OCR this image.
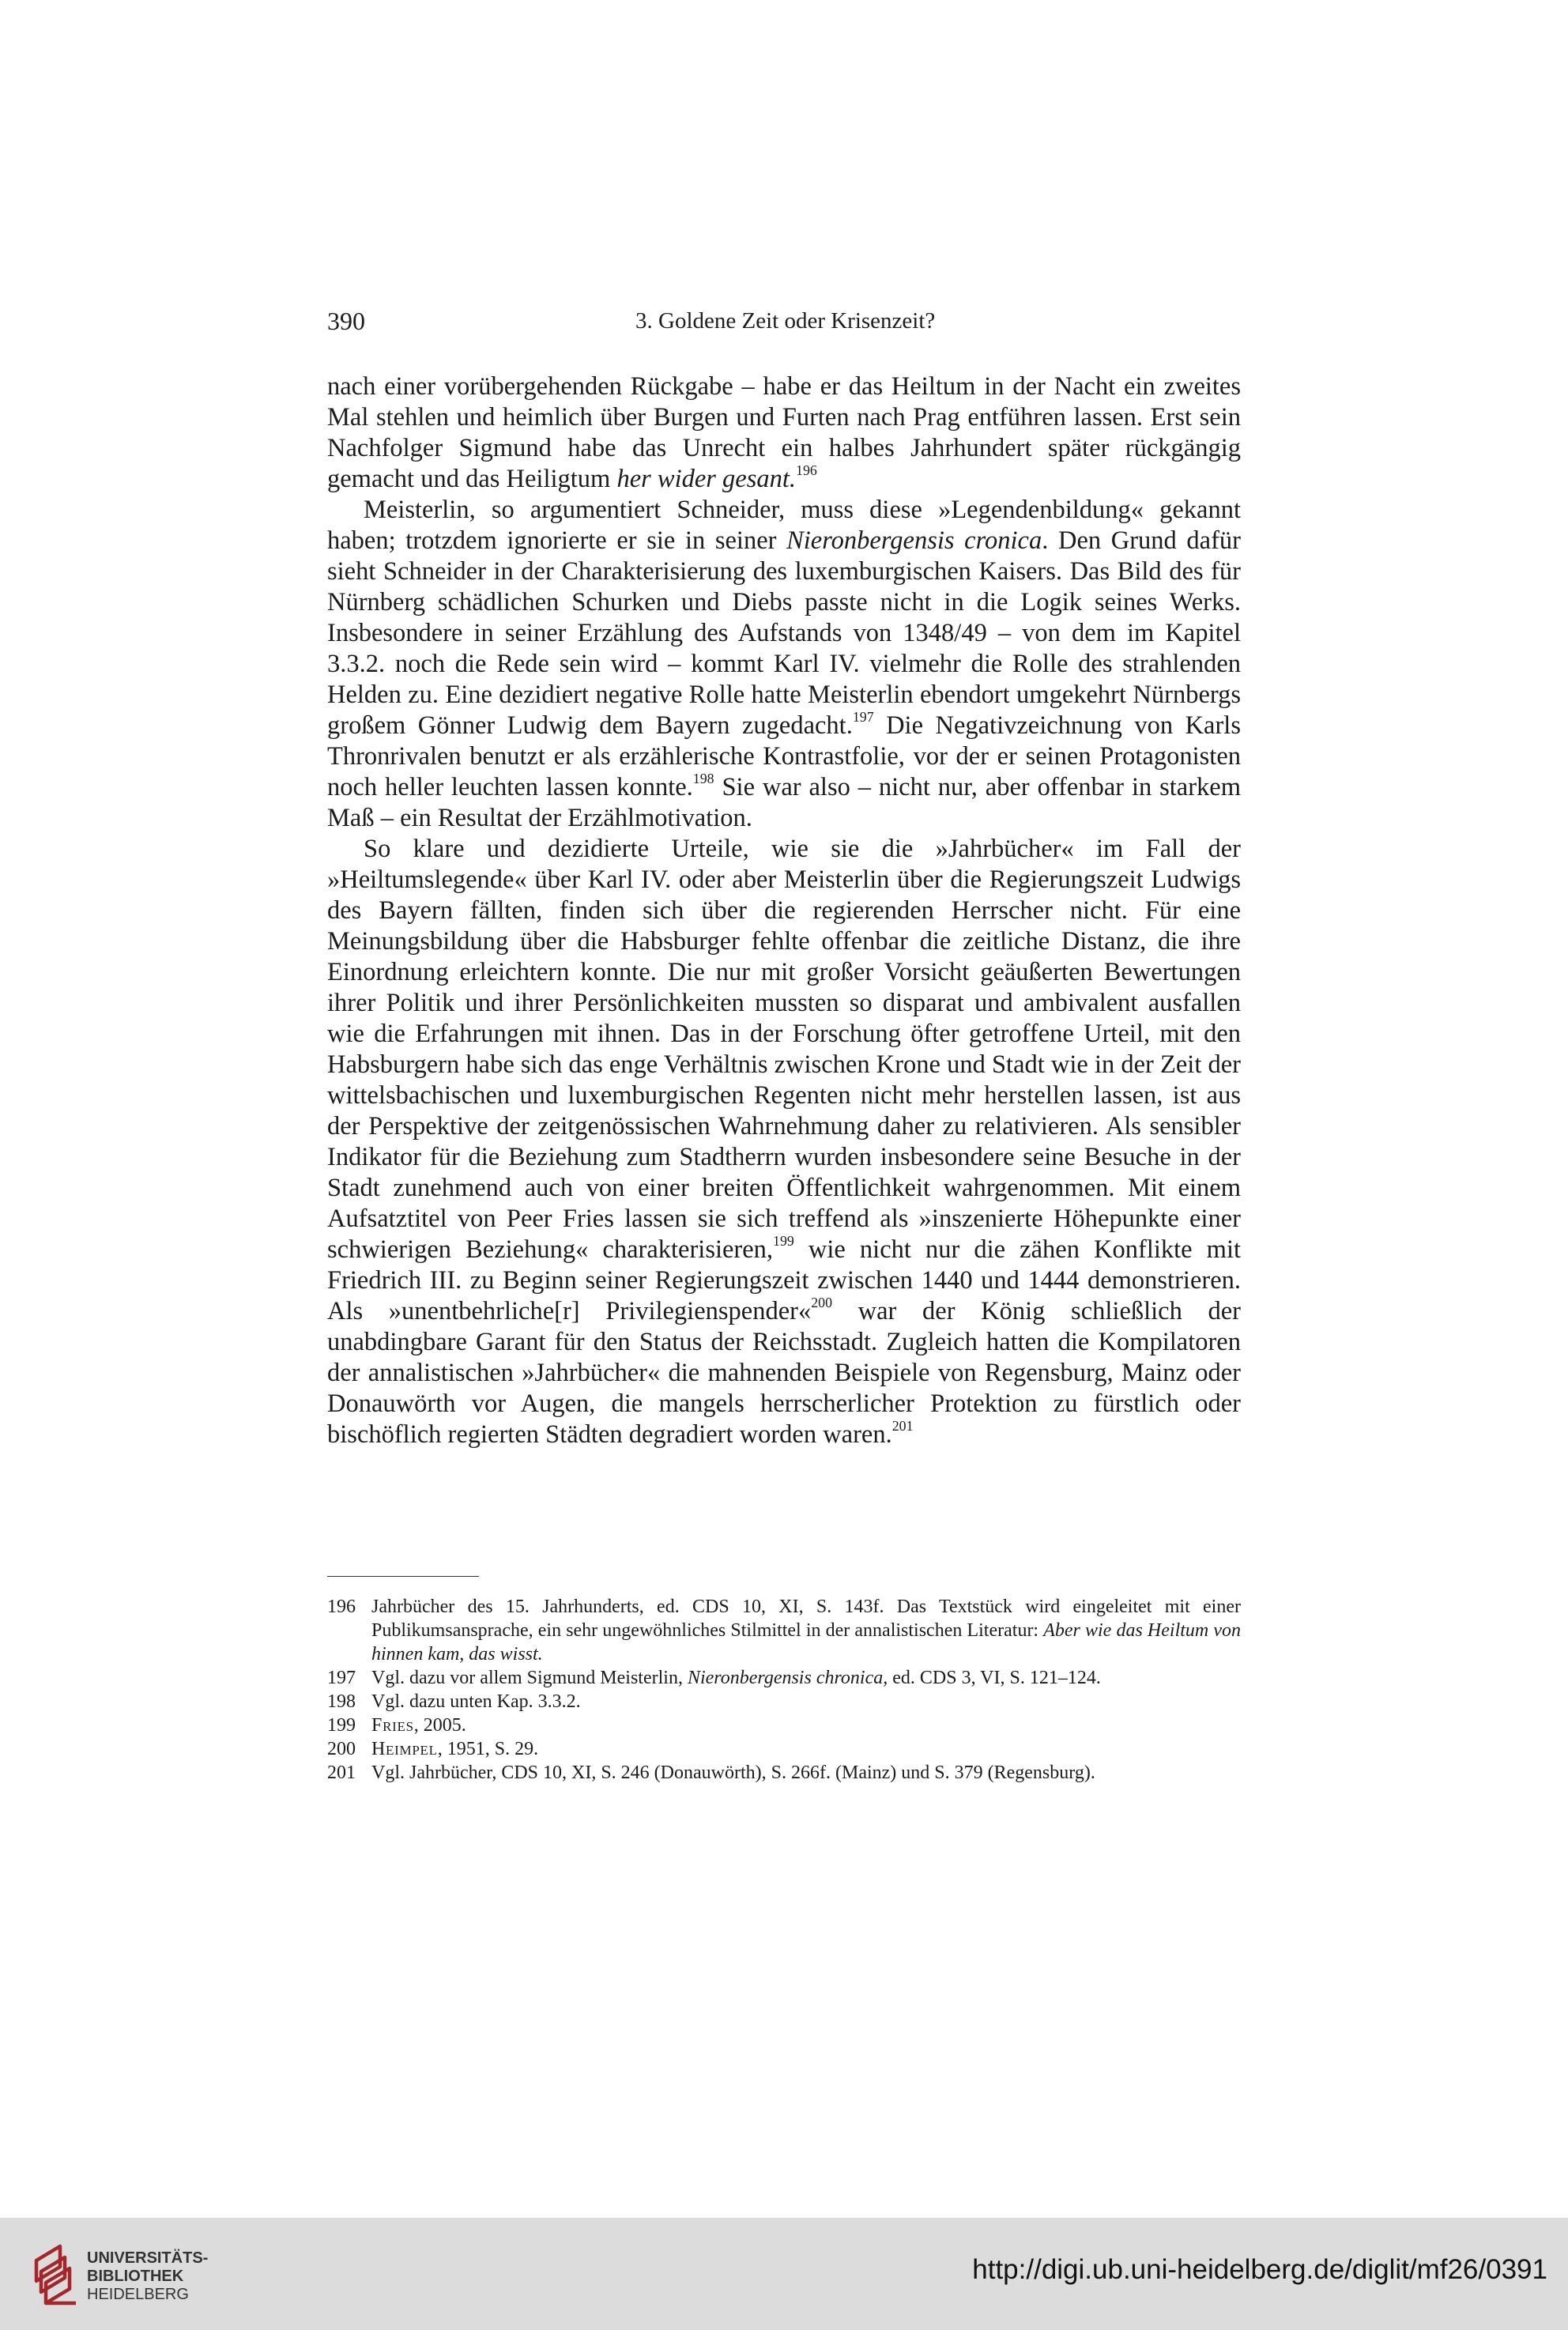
390	3. Goldene Zeit oder Krisenzeit?

nach einer vorübergehenden Rückgabe – habe er das Heiltum in der Nacht ein zweites Mal stehlen und heimlich über Burgen und Furten nach Prag entführen lassen. Erst sein Nachfolger Sigmund habe das Unrecht ein halbes Jahrhundert später rückgängig gemacht und das Heiligtum her wider gesant.$^{196}$

Meisterlin, so argumentiert Schneider, muss diese »Legendenbildung« gekannt haben; trotzdem ignorierte er sie in seiner Nieronbergensis cronica. Den Grund dafür sieht Schneider in der Charakterisierung des luxemburgischen Kaisers. Das Bild des für Nürnberg schädlichen Schurken und Diebs passte nicht in die Logik seines Werks. Insbesondere in seiner Erzählung des Aufstands von 1348/49 – von dem im Kapitel 3.3.2. noch die Rede sein wird – kommt Karl IV. vielmehr die Rolle des strahlenden Helden zu. Eine dezidiert negative Rolle hatte Meisterlin ebendort umgekehrt Nürnbergs großem Gönner Ludwig dem Bayern zugedacht.$^{197}$ Die Negativzeichnung von Karls Thronrivalen benutzt er als erzählerische Kontrastfolie, vor der er seinen Protagonisten noch heller leuchten lassen konnte.$^{198}$ Sie war also – nicht nur, aber offenbar in starkem Maß – ein Resultat der Erzählmotivation.

So klare und dezidierte Urteile, wie sie die »Jahrbücher« im Fall der »Heiltumslegende« über Karl IV. oder aber Meisterlin über die Regierungszeit Ludwigs des Bayern fällten, finden sich über die regierenden Herrscher nicht. Für eine Meinungsbildung über die Habsburger fehlte offenbar die zeitliche Distanz, die ihre Einordnung erleichtern konnte. Die nur mit großer Vorsicht geäußerten Bewertungen ihrer Politik und ihrer Persönlichkeiten mussten so disparat und ambivalent ausfallen wie die Erfahrungen mit ihnen. Das in der Forschung öfter getroffene Urteil, mit den Habsburgern habe sich das enge Verhältnis zwischen Krone und Stadt wie in der Zeit der wittelsbachischen und luxemburgischen Regenten nicht mehr herstellen lassen, ist aus der Perspektive der zeitgenössischen Wahrnehmung daher zu relativieren. Als sensibler Indikator für die Beziehung zum Stadtherrn wurden insbesondere seine Besuche in der Stadt zunehmend auch von einer breiten Öffentlichkeit wahrgenommen. Mit einem Aufsatztitel von Peer Fries lassen sie sich treffend als »inszenierte Höhepunkte einer schwierigen Beziehung« charakterisieren,$^{199}$ wie nicht nur die zähen Konflikte mit Friedrich III. zu Beginn seiner Regierungszeit zwischen 1440 und 1444 demonstrieren. Als »unentbehrliche[r] Privilegienspender«$^{200}$ war der König schließlich der unabdingbare Garant für den Status der Reichsstadt. Zugleich hatten die Kompilatoren der annalistischen »Jahrbücher« die mahnenden Beispiele von Regensburg, Mainz oder Donauwörth vor Augen, die mangels herrscherlicher Protektion zu fürstlich oder bischöflich regierten Städten degradiert worden waren.$^{201}$

196 Jahrbücher des 15. Jahrhunderts, ed. CDS 10, XI, S. 143f. Das Textstück wird eingeleitet mit einer Publikumsansprache, ein sehr ungewöhnliches Stilmittel in der annalistischen Literatur: Aber wie das Heiltum von hinnen kam, das wisst.
197 Vgl. dazu vor allem Sigmund Meisterlin, Nieronbergensis chronica, ed. CDS 3, VI, S. 121–124.
198 Vgl. dazu unten Kap. 3.3.2.
199 Fries, 2005.
200 Heimpel, 1951, S. 29.
201 Vgl. Jahrbücher, CDS 10, XI, S. 246 (Donauwörth), S. 266f. (Mainz) und S. 379 (Regensburg).
UNIVERSITÄTS-
BIBLIOTHEK
HEIDELBERG
http://digi.ub.uni-heidelberg.de/diglit/mf26/0391
